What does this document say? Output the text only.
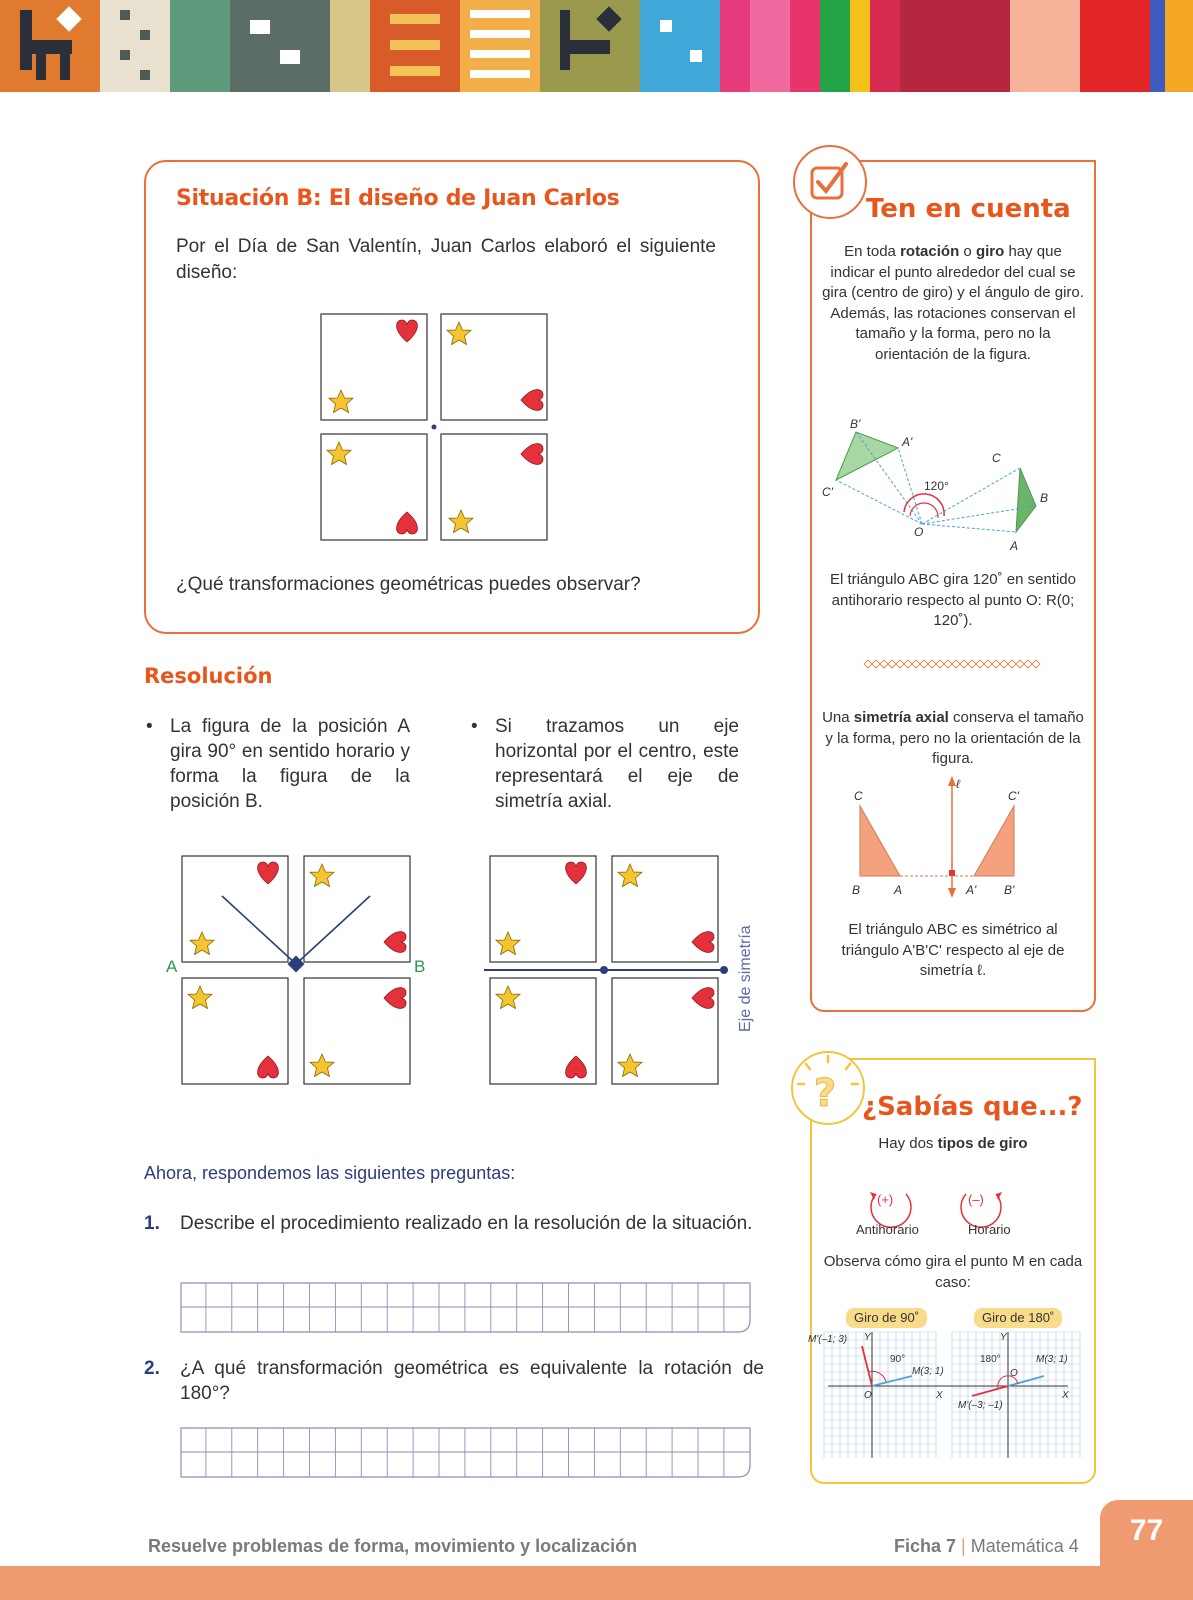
Situación B: El diseño de Juan Carlos
Por el Día de San Valentín, Juan Carlos elaboró el siguiente diseño:
¿Qué transformaciones geométricas puedes observar?
Resolución
• La figura de la posición A gira 90° en sentido horario y forma la figura de la posición B.
• Si trazamos un eje horizontal por el centro, este representará el eje de simetría axial.
A	B	Eje de simetría
Ahora, respondemos las siguientes preguntas:
1. Describe el procedimiento realizado en la resolución de la situación.
2. ¿A qué transformación geométrica es equivalente la rotación de 180°?
Ten en cuenta
En toda rotación o giro hay que indicar el punto alrededor del cual se gira (centro de giro) y el ángulo de giro. Además, las rotaciones conservan el tamaño y la forma, pero no la orientación de la figura.
B'
A'
C'
C
B
A
O
120°
El triángulo ABC gira 120˚ en sentido antihorario respecto al punto O: R(0; 120˚).
Una simetría axial conserva el tamaño y la forma, pero no la orientación de la figura.
ℓ
C
B	A
C'
A' B'
El triángulo ABC es simétrico al triángulo A'B'C' respecto al eje de simetría ℓ.
? ¿Sabías que...?
Hay dos tipos de giro
(+)
Antihorario
(–)
Horario
Observa cómo gira el punto M en cada caso:
Giro de 90˚	Giro de 180˚
M'(–1; 3)
90°
M(3; 1)
O	X
Y
180°	M(3; 1)
M'(–3; –1)
O
X
Y
77
Resuelve problemas de forma, movimiento y localización	Ficha 7 | Matemática 4
